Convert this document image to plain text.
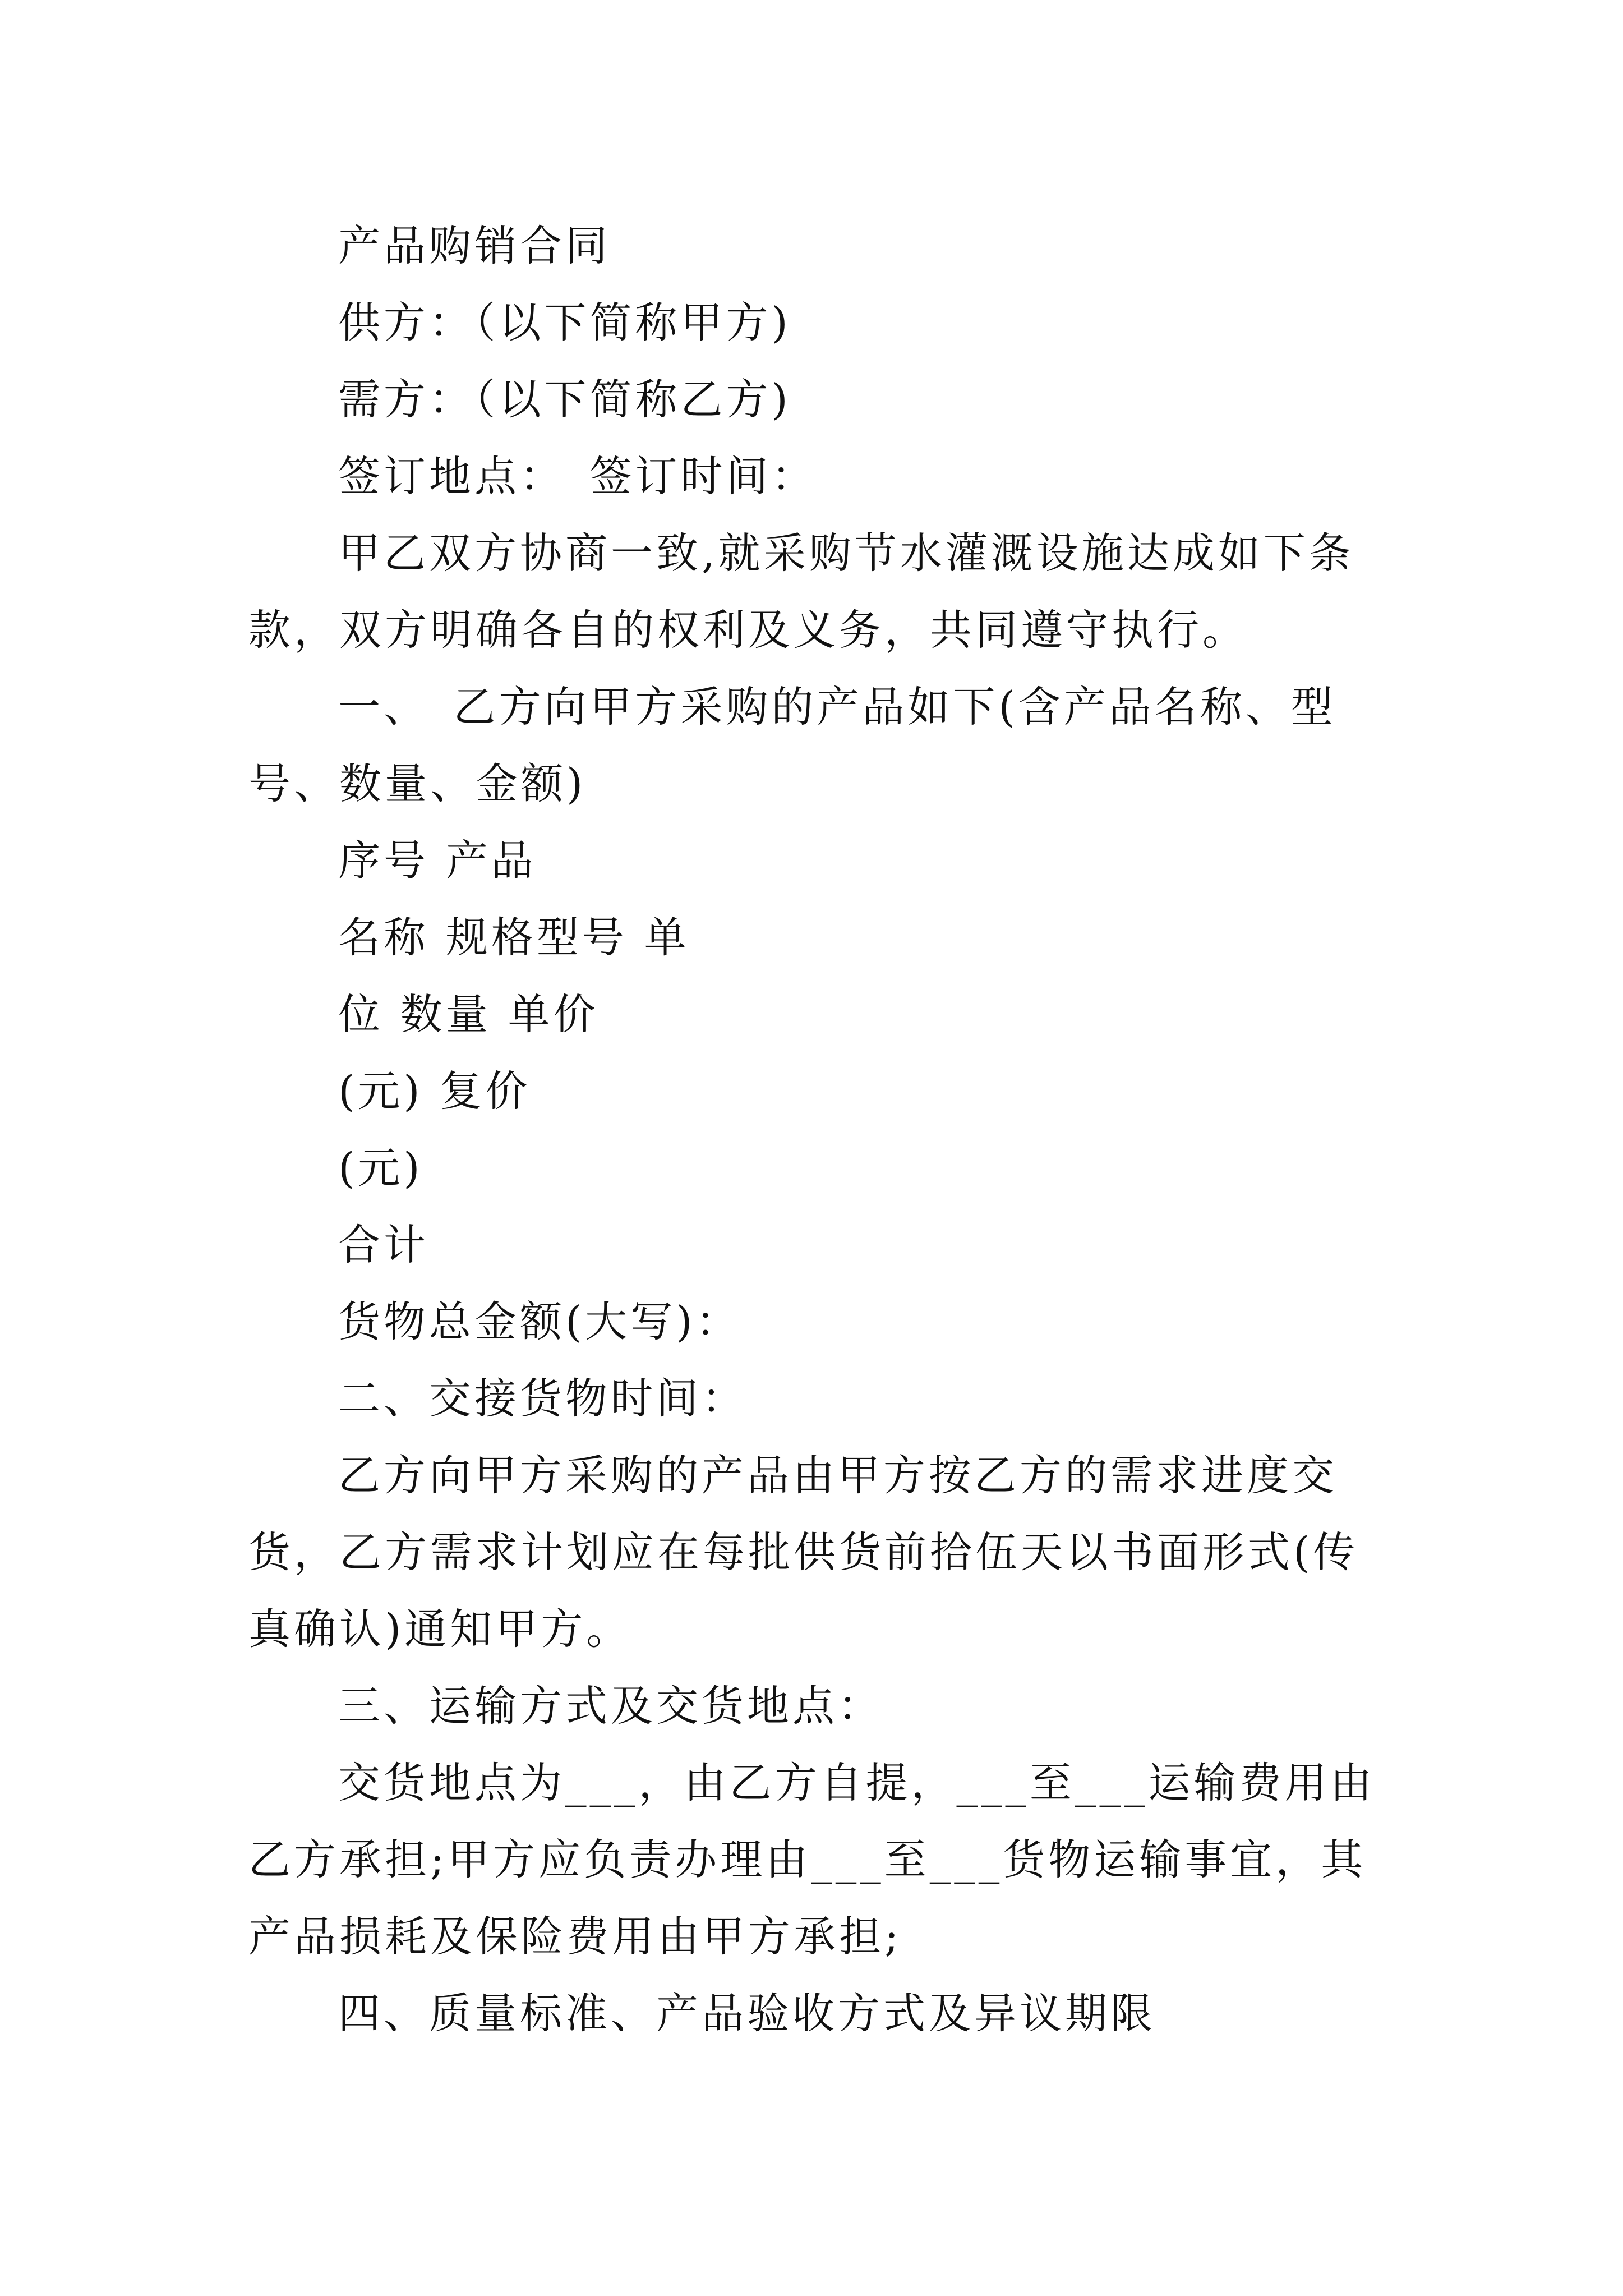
产品购销合同

供方：（以下简称甲方)

需方：（以下简称乙方)

签订地点：　签订时间：

甲乙双方协商一致,就采购节水灌溉设施达成如下条款，双方明确各自的权利及义务，共同遵守执行。

一、　乙方向甲方采购的产品如下(含产品名称、型号、数量、金额)

序号 产品

名称 规格型号 单

位 数量 单价

(元) 复价

(元)

合计

货物总金额(大写)：

二、交接货物时间：

乙方向甲方采购的产品由甲方按乙方的需求进度交货，乙方需求计划应在每批供货前拾伍天以书面形式(传真确认)通知甲方。

三、运输方式及交货地点：

交货地点为___，由乙方自提，___至___运输费用由乙方承担;甲方应负责办理由___至___货物运输事宜，其产品损耗及保险费用由甲方承担;

四、质量标准、产品验收方式及异议期限
